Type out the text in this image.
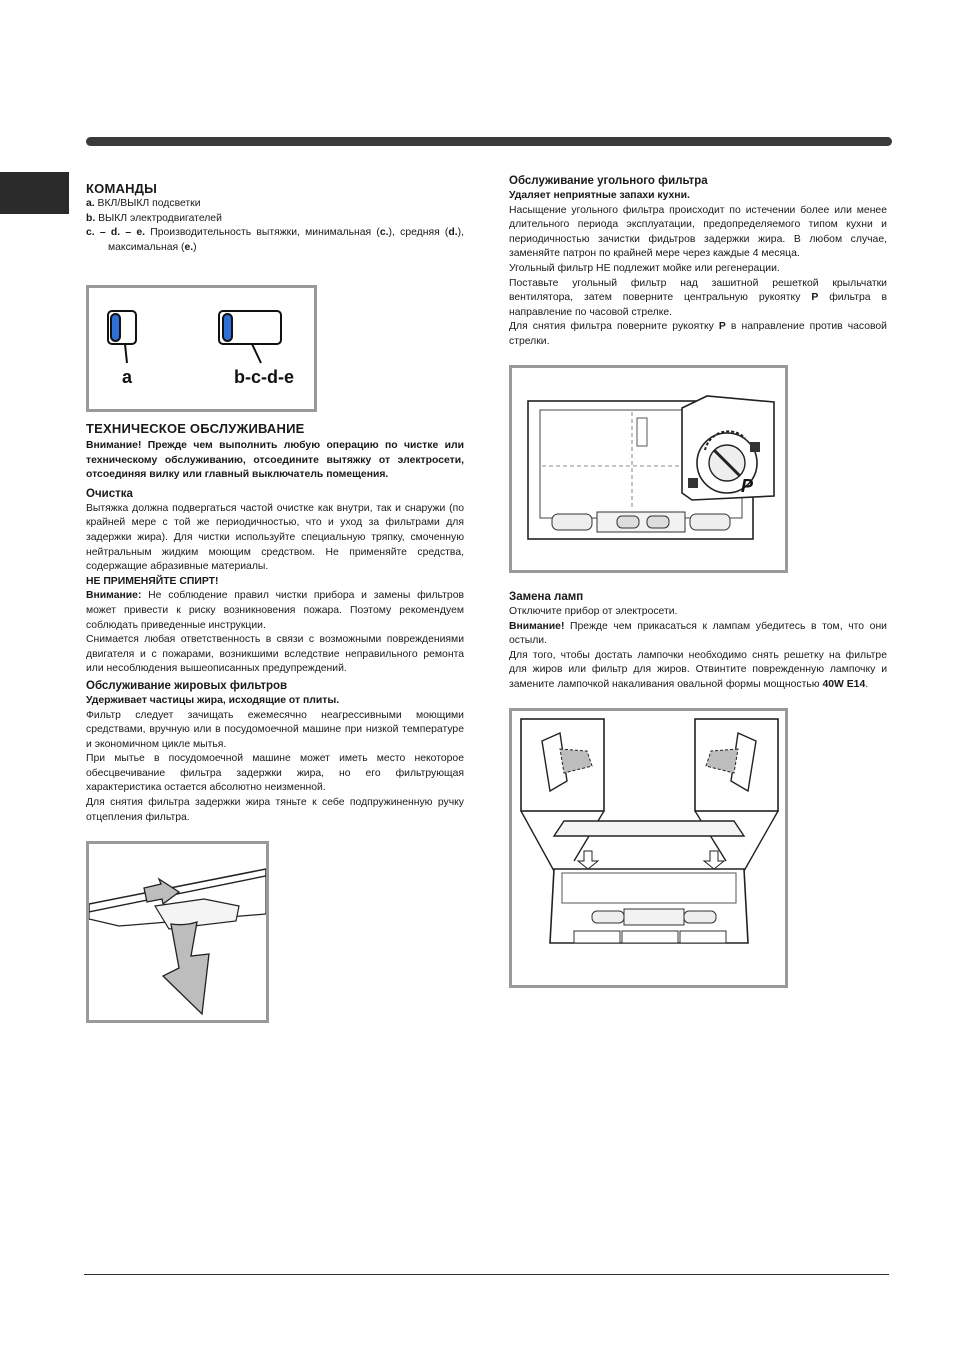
КОМАНДЫ

a. ВКЛ/ВЫКЛ подсветки

b. ВЫКЛ электродвигателей

c. – d. – e. Производительность вытяжки, минимальная (c.), средняя (d.), максимальная (e.)

ТЕХНИЧЕСКОЕ ОБСЛУЖИВАНИЕ

Внимание! Прежде чем выполнить любую операцию по чистке или техническому обслуживанию, отсоедините вытяжку от электросети, отсоединяя вилку или главный выключатель помещения.

Очистка

Вытяжка должна подвергаться частой очистке как внутри, так и снаружи (по крайней мере с той же периодичностью, что и уход за фильтрами для задержки жира). Для чистки используйте специальную тряпку, смоченную нейтральным жидким моющим средством. Не применяйте средства, содержащие абразивные материалы.

НЕ ПРИМЕНЯЙТЕ СПИРТ!

Внимание: Не соблюдение правил чистки прибора и замены фильтров может привести к риску возникновения пожара. Поэтому рекомендуем соблюдать приведенные инструкции.

Снимается любая ответственность в связи с возможными повреждениями двигателя и с пожарами, возникшими вследствие неправильного ремонта или несоблюдения вышеописанных предупреждений.

Обслуживание жировых фильтров

Удерживает частицы жира, исходящие от плиты.

Фильтр следует зачищать ежемесячно неагрессивными моющими средствами, вручную или в посудомоечной машине при низкой температуре и экономичном цикле мытья.

При мытье в посудомоечной машине может иметь место некоторое обесцвечивание фильтра задержки жира, но его фильтрующая характеристика остается абсолютно неизменной.

Для снятия фильтра задержки жира тяньте к себе подпружиненную ручку отцепления фильтра.

Обслуживание угольного фильтра

Удаляет неприятные запахи кухни.

Насыщение угольного фильтра происходит по истечении более или менее длительного периода эксплуатации, предопределяемого типом кухни и периодичностью зачистки фидьтров задержки жира. В любом случае, заменяйте патрон по крайней мере через каждые 4 месяца.

Угольный фильтр НЕ подлежит мойке или регенерации.

Поставьте угольный фильтр над зашитной решеткой крыльчатки вентилятора, затем поверните центральную рукоятку P фильтра в направление по часовой стрелке.

Для снятия фильтра поверните рукоятку P в направление против часовой стрелки.

Замена ламп

Отключите прибор от электросети.

Внимание! Прежде чем прикасаться к лампам убедитесь в том, что они остыли.

Для того, чтобы достать лампочки необходимо снять решетку на фильтре для жиров или фильтр для жиров. Отвинтите поврежденную лампочку и замените лампочкой накаливания овальной формы мощностью 40W E14.

a	b-c-d-e
P
